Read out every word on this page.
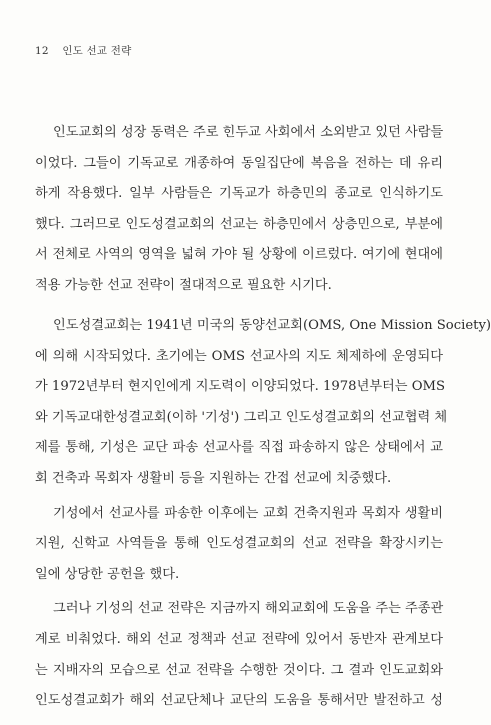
12 인도 선교 전략
인도교회의 성장 동력은 주로 힌두교 사회에서 소외받고 있던 사람들
이었다. 그들이 기독교로 개종하여 동일집단에 복음을 전하는 데 유리
하게 작용했다. 일부 사람들은 기독교가 하층민의 종교로 인식하기도
했다. 그러므로 인도성결교회의 선교는 하층민에서 상층민으로, 부분에
서 전체로 사역의 영역을 넓혀 가야 될 상황에 이르렀다. 여기에 현대에
적용 가능한 선교 전략이 절대적으로 필요한 시기다.
인도성결교회는 1941년 미국의 동양선교회(OMS, One Mission Society)
에 의해 시작되었다. 초기에는 OMS 선교사의 지도 체제하에 운영되다
가 1972년부터 현지인에게 지도력이 이양되었다. 1978년부터는 OMS
와 기독교대한성결교회(이하 '기성') 그리고 인도성결교회의 선교협력 체
제를 통해, 기성은 교단 파송 선교사를 직접 파송하지 않은 상태에서 교
회 건축과 목회자 생활비 등을 지원하는 간접 선교에 치중했다.
기성에서 선교사를 파송한 이후에는 교회 건축지원과 목회자 생활비
지원, 신학교 사역들을 통해 인도성결교회의 선교 전략을 확장시키는
일에 상당한 공헌을 했다.
그러나 기성의 선교 전략은 지금까지 해외교회에 도움을 주는 주종관
계로 비춰었다. 해외 선교 정책과 선교 전략에 있어서 동반자 관계보다
는 지배자의 모습으로 선교 전략을 수행한 것이다. 그 결과 인도교회와
인도성결교회가 해외 선교단체나 교단의 도움을 통해서만 발전하고 성
